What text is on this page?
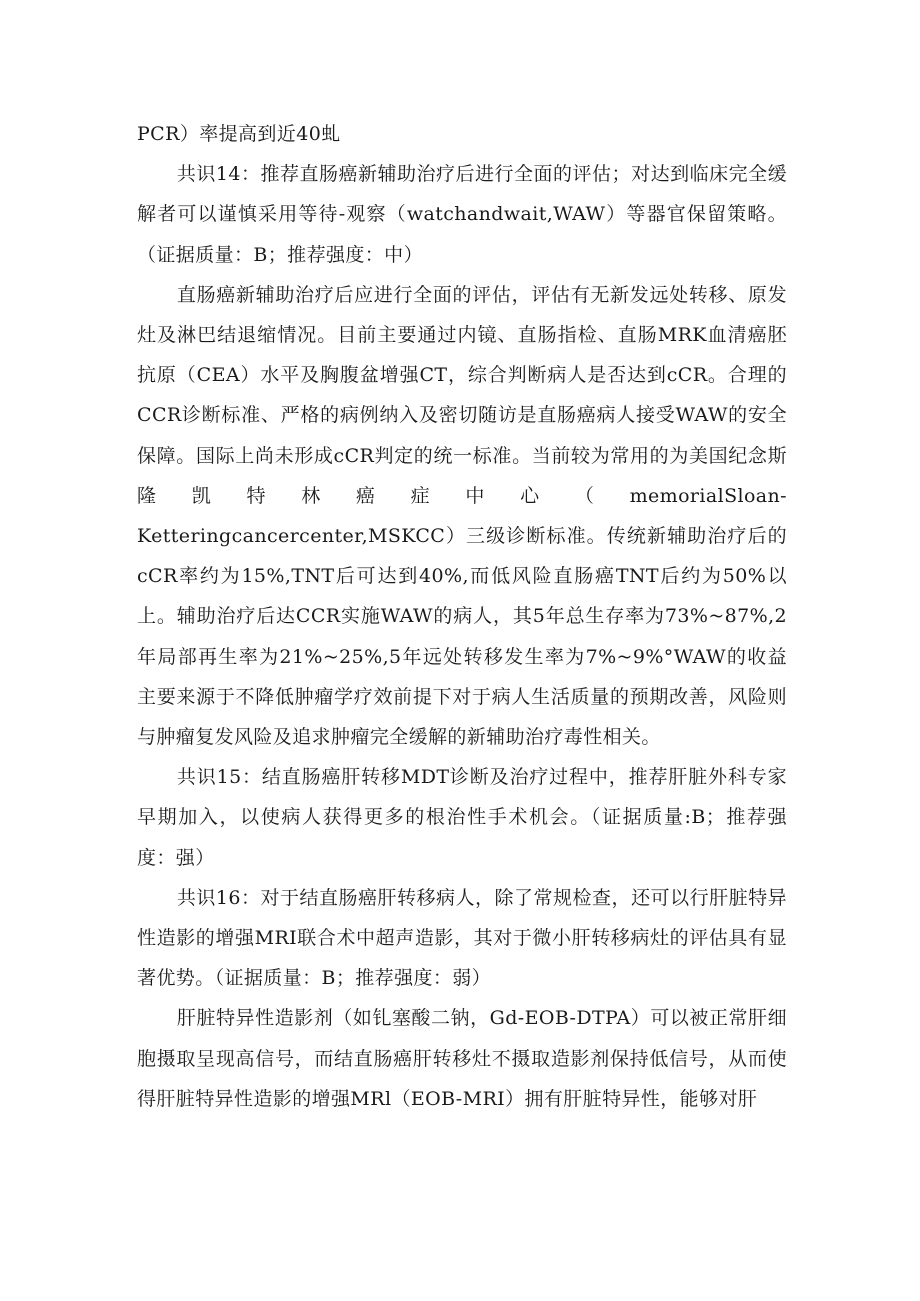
PCR）率提高到近40虬

共识14：推荐直肠癌新辅助治疗后进行全面的评估；对达到临床完全缓解者可以谨慎采用等待-观察（watchandwait,WAW）等器官保留策略。（证据质量：B；推荐强度：中）

直肠癌新辅助治疗后应进行全面的评估，评估有无新发远处转移、原发灶及淋巴结退缩情况。目前主要通过内镜、直肠指检、直肠MRK血清癌胚抗原（CEA）水平及胸腹盆增强CT，综合判断病人是否达到cCR。合理的CCR诊断标准、严格的病例纳入及密切随访是直肠癌病人接受WAW的安全保障。国际上尚未形成cCR判定的统一标准。当前较为常用的为美国纪念斯隆凯特林癌症中心（memorialSloan-Ketteringcancercenter,MSKCC）三级诊断标准。传统新辅助治疗后的cCR率约为15%,TNT后可达到40%,而低风险直肠癌TNT后约为50%以上。辅助治疗后达CCR实施WAW的病人，其5年总生存率为73%~87%,2年局部再生率为21%~25%,5年远处转移发生率为7%~9%°WAW的收益主要来源于不降低肿瘤学疗效前提下对于病人生活质量的预期改善，风险则与肿瘤复发风险及追求肿瘤完全缓解的新辅助治疗毒性相关。

共识15：结直肠癌肝转移MDT诊断及治疗过程中，推荐肝脏外科专家早期加入，以使病人获得更多的根治性手术机会。（证据质量:B；推荐强度：强）

共识16：对于结直肠癌肝转移病人，除了常规检查，还可以行肝脏特异性造影的增强MRI联合术中超声造影，其对于微小肝转移病灶的评估具有显著优势。（证据质量：B；推荐强度：弱）

肝脏特异性造影剂（如钆塞酸二钠，Gd-EOB-DTPA）可以被正常肝细胞摄取呈现高信号，而结直肠癌肝转移灶不摄取造影剂保持低信号，从而使得肝脏特异性造影的增强MRl（EOB-MRI）拥有肝脏特异性，能够对肝
